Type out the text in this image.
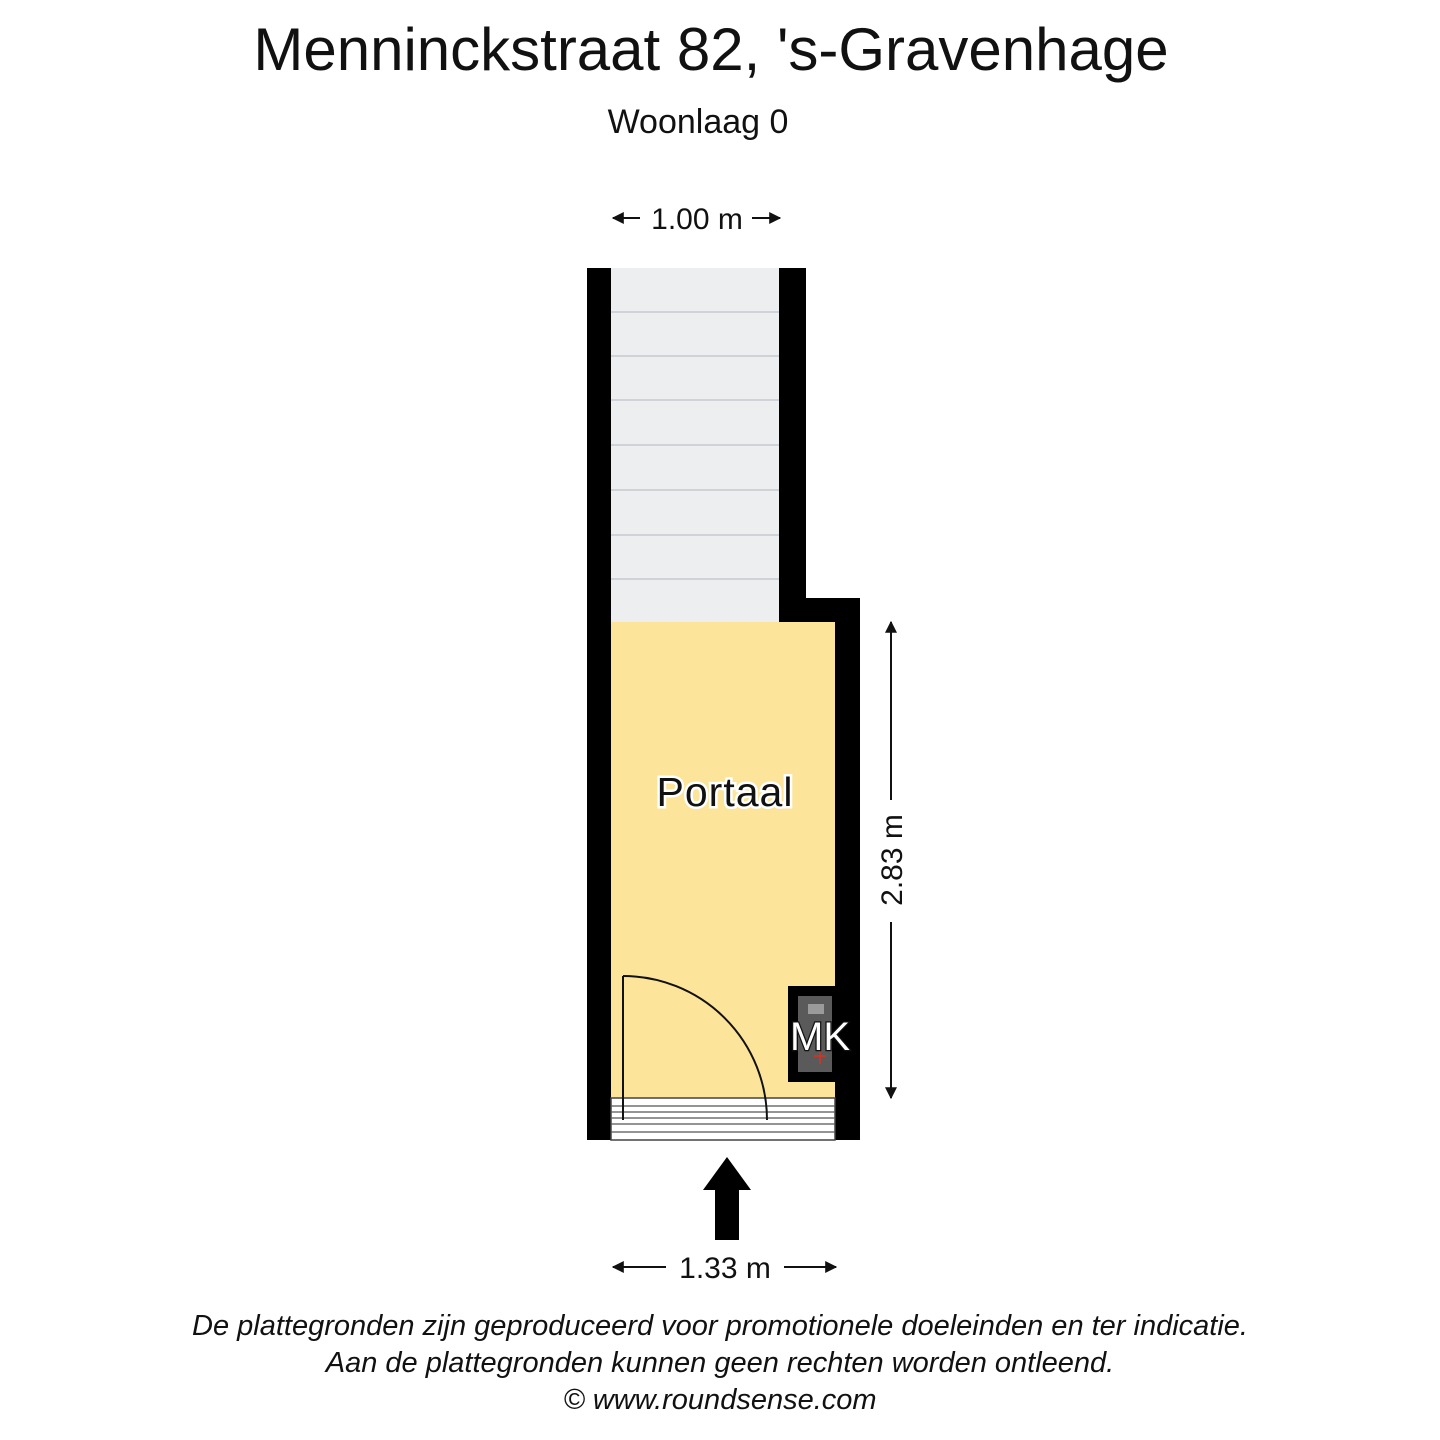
Menninckstraat 82, 's-Gravenhage
Woonlaag 0
Portaal
MK
1.00 m
2.83 m
1.33 m
De plattegronden zijn geproduceerd voor promotionele doeleinden en ter indicatie.
Aan de plattegronden kunnen geen rechten worden ontleend.
© www.roundsense.com
